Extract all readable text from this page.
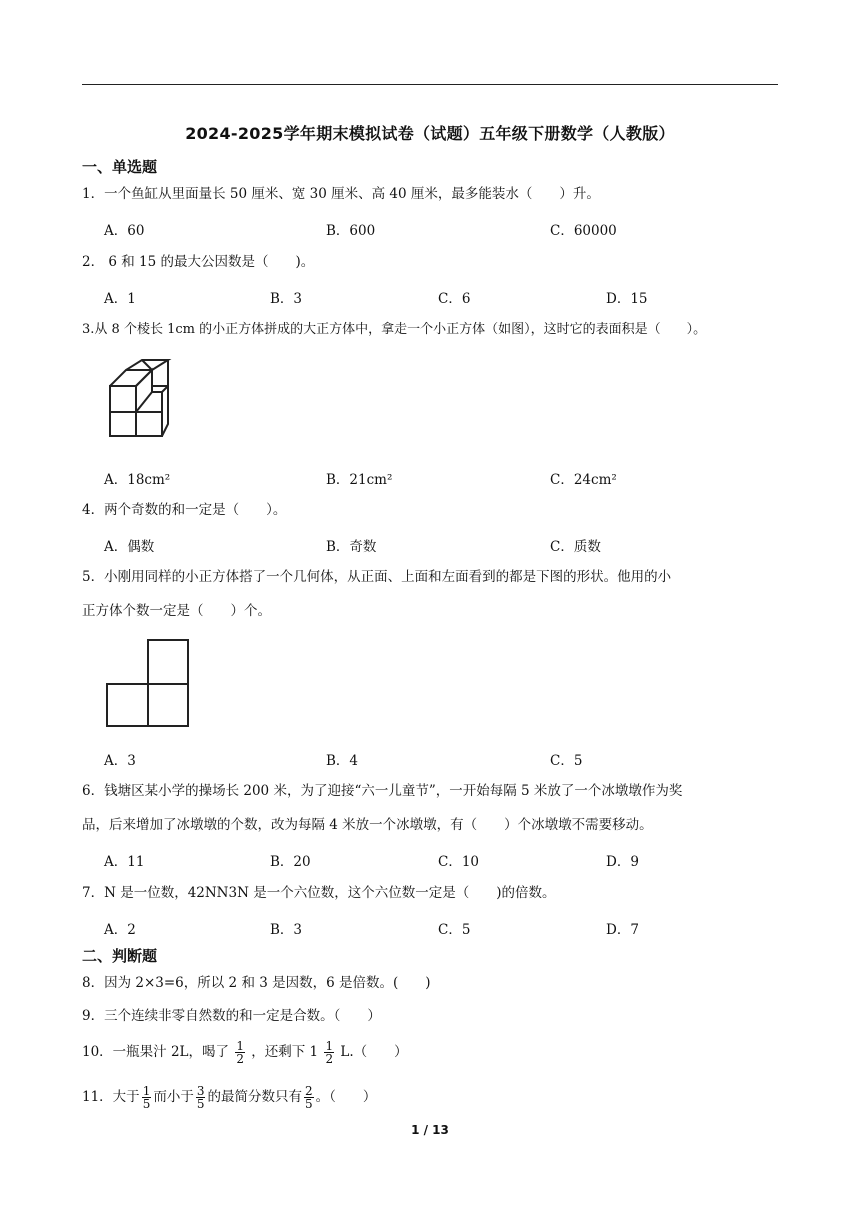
2024-2025学年期末模拟试卷（试题）五年级下册数学（人教版）
一、单选题
1．一个鱼缸从里面量长 50 厘米、宽 30 厘米、高 40 厘米，最多能装水（　　）升。
A．60	B．600	C．60000
2． 6 和 15 的最大公因数是（　　)。
A．1	B．3	C．6	D．15
3.从 8 个棱长 1cm 的小正方体拼成的大正方体中，拿走一个小正方体（如图），这时它的表面积是（　　）。
A．18cm²	B．21cm²	C．24cm²
4．两个奇数的和一定是（　　）。
A．偶数	B．奇数	C．质数
5．小刚用同样的小正方体搭了一个几何体，从正面、上面和左面看到的都是下图的形状。他用的小
正方体个数一定是（　　）个。
A．3	B．4	C．5
6．钱塘区某小学的操场长 200 米，为了迎接“六一儿童节”，一开始每隔 5 米放了一个冰墩墩作为奖
品，后来增加了冰墩墩的个数，改为每隔 4 米放一个冰墩墩，有（　　）个冰墩墩不需要移动。
A．11	B．20	C．10	D．9
7．N 是一位数，42NN3N 是一个六位数，这个六位数一定是（　　)的倍数。
A．2	B．3	C．5	D．7
二、判断题
8．因为 2×3=6，所以 2 和 3 是因数，6 是倍数。(　　)
9．三个连续非零自然数的和一定是合数。（　　）
10．一瓶果汁 2L，喝了 $\frac{1}{2}$ ，还剩下 $1 \frac{1}{2} L$.（　　）
11．大于 $\frac{1}{5}$ 而小于 $\frac{3}{5}$ 的最简分数只有 $\frac{2}{5}$ 。（　　）
1 / 13
